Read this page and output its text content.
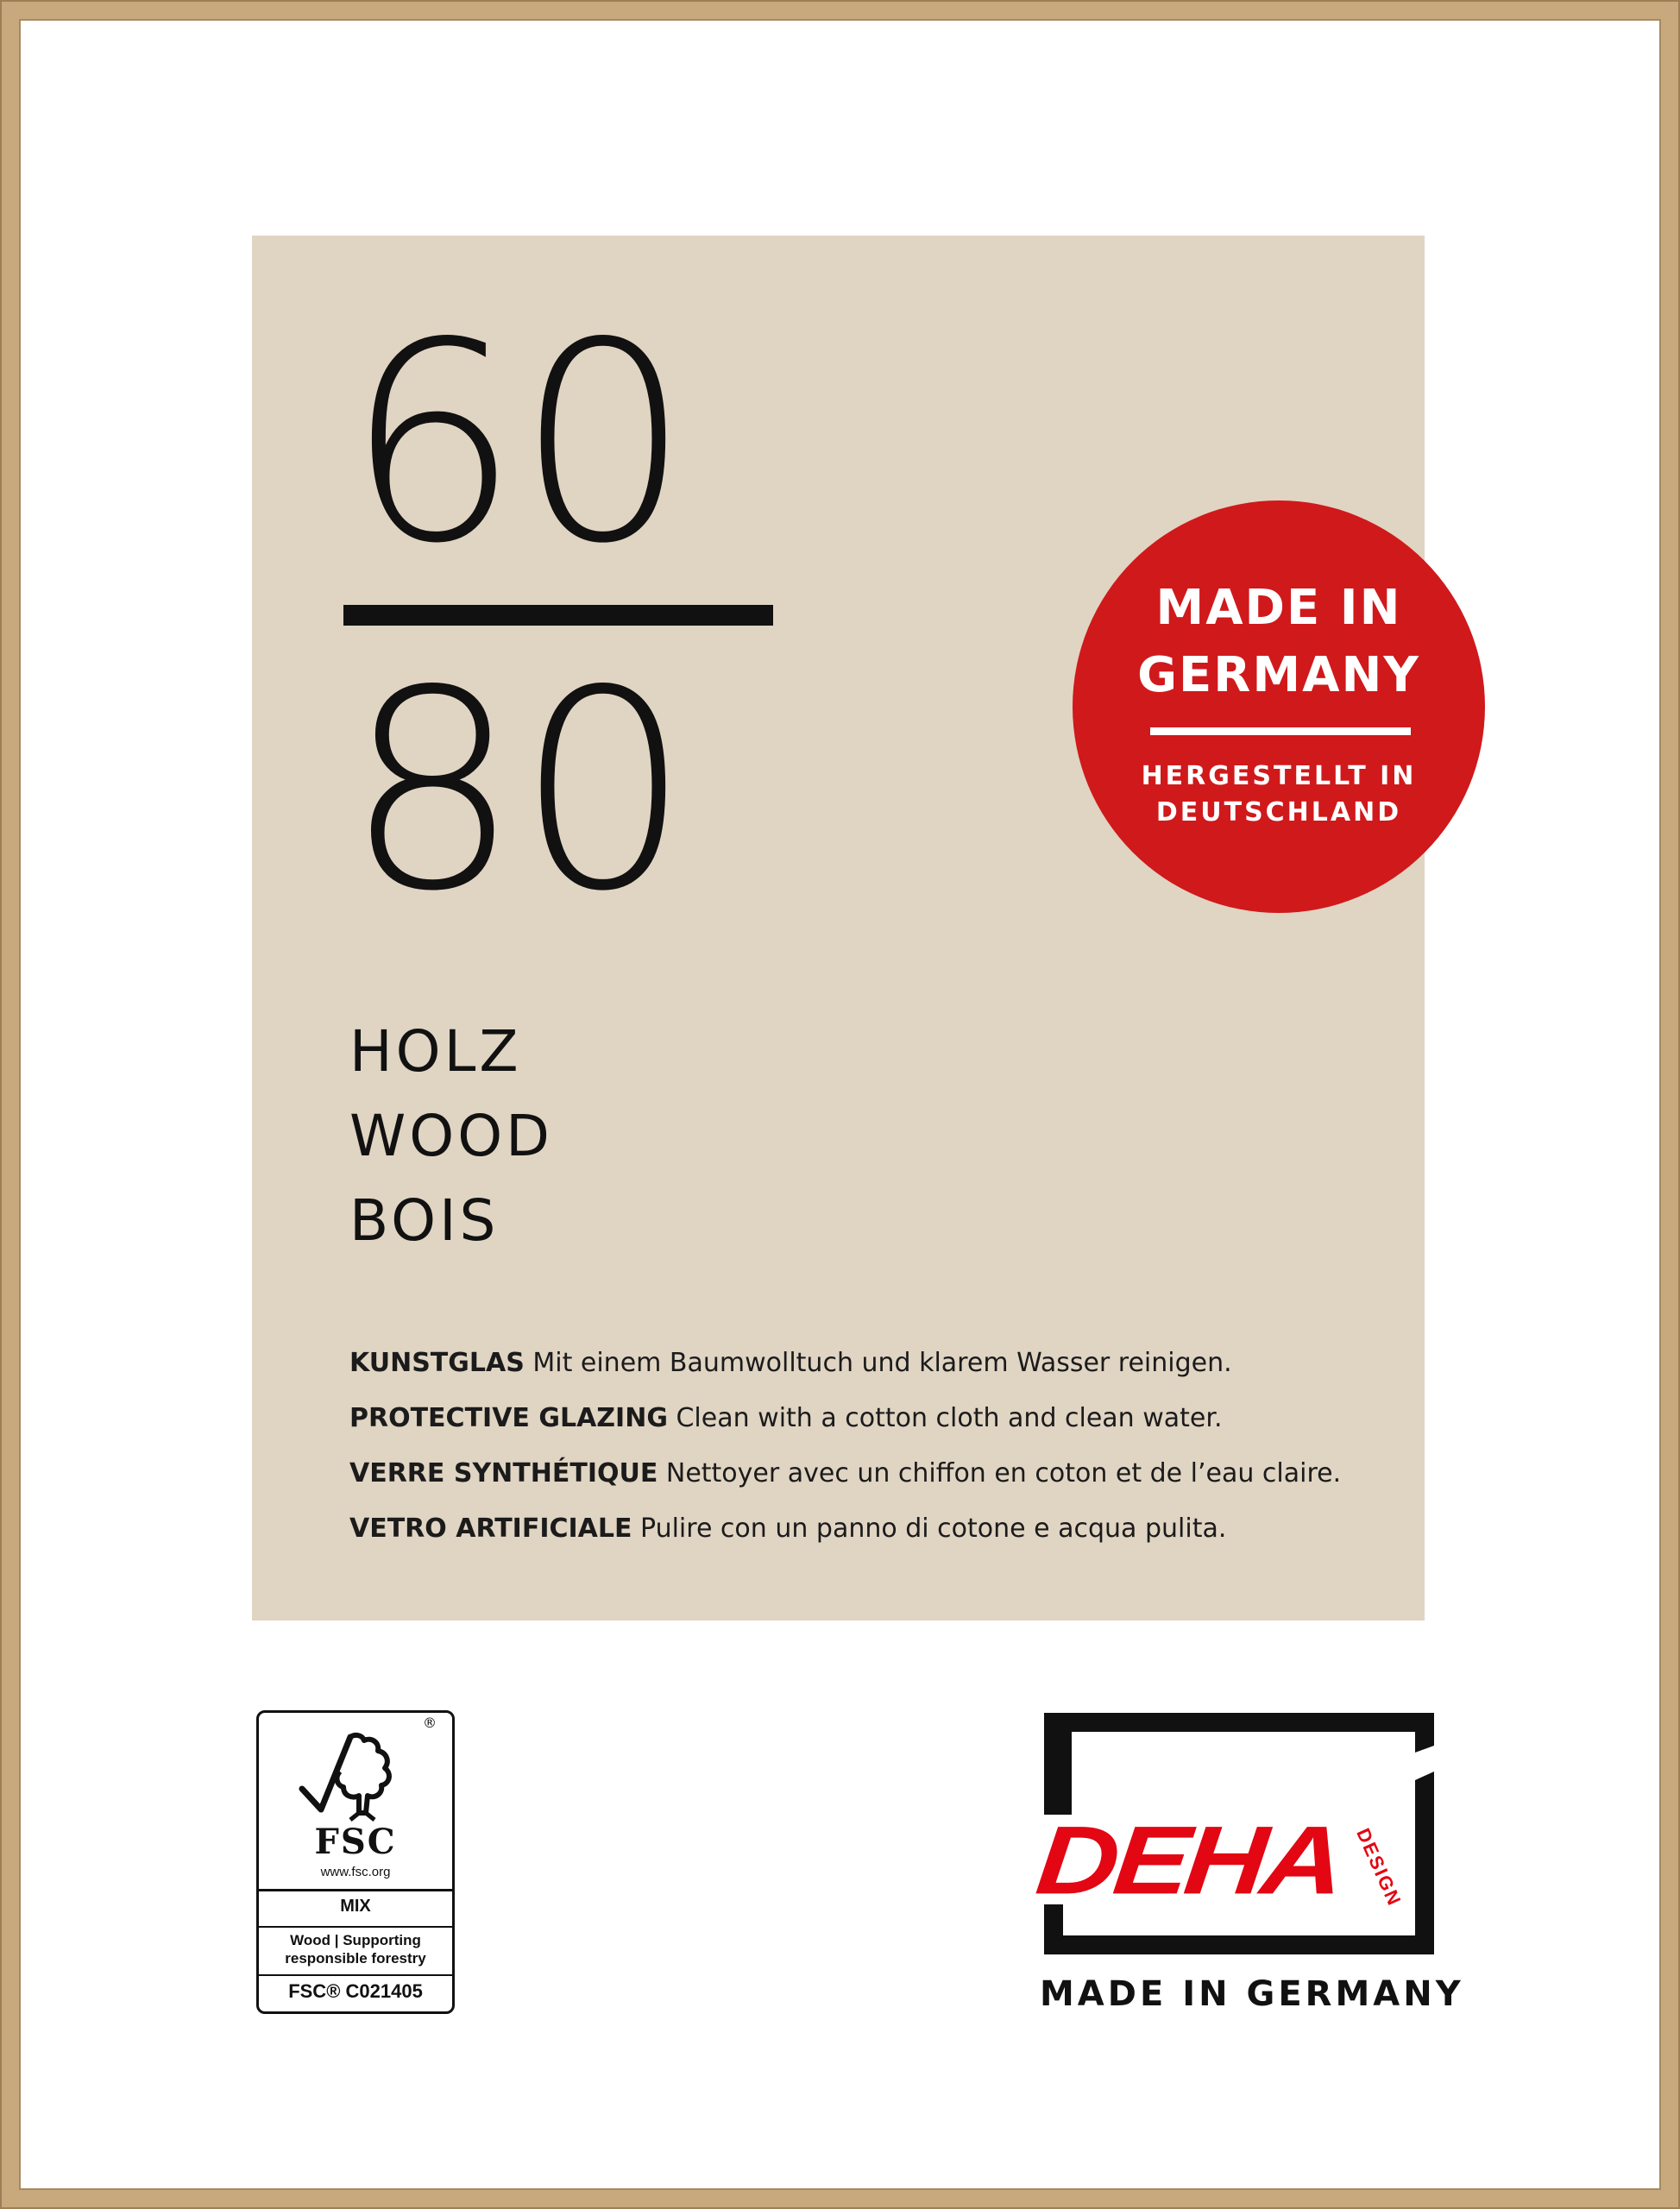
60
80
HOLZ
WOOD
BOIS
KUNSTGLAS Mit einem Baumwolltuch und klarem Wasser reinigen.
PROTECTIVE GLAZING Clean with a cotton cloth and clean water.
VERRE SYNTHÉTIQUE Nettoyer avec un chiffon en coton et de l’eau claire.
VETRO ARTIFICIALE Pulire con un panno di cotone e acqua pulita.
MADE IN
GERMANY
HERGESTELLT IN
DEUTSCHLAND
®
FSC
www.fsc.org
MIX
Wood | Supporting
responsible forestry
FSC® C021405
DEHA DESIGN
MADE IN GERMANY
